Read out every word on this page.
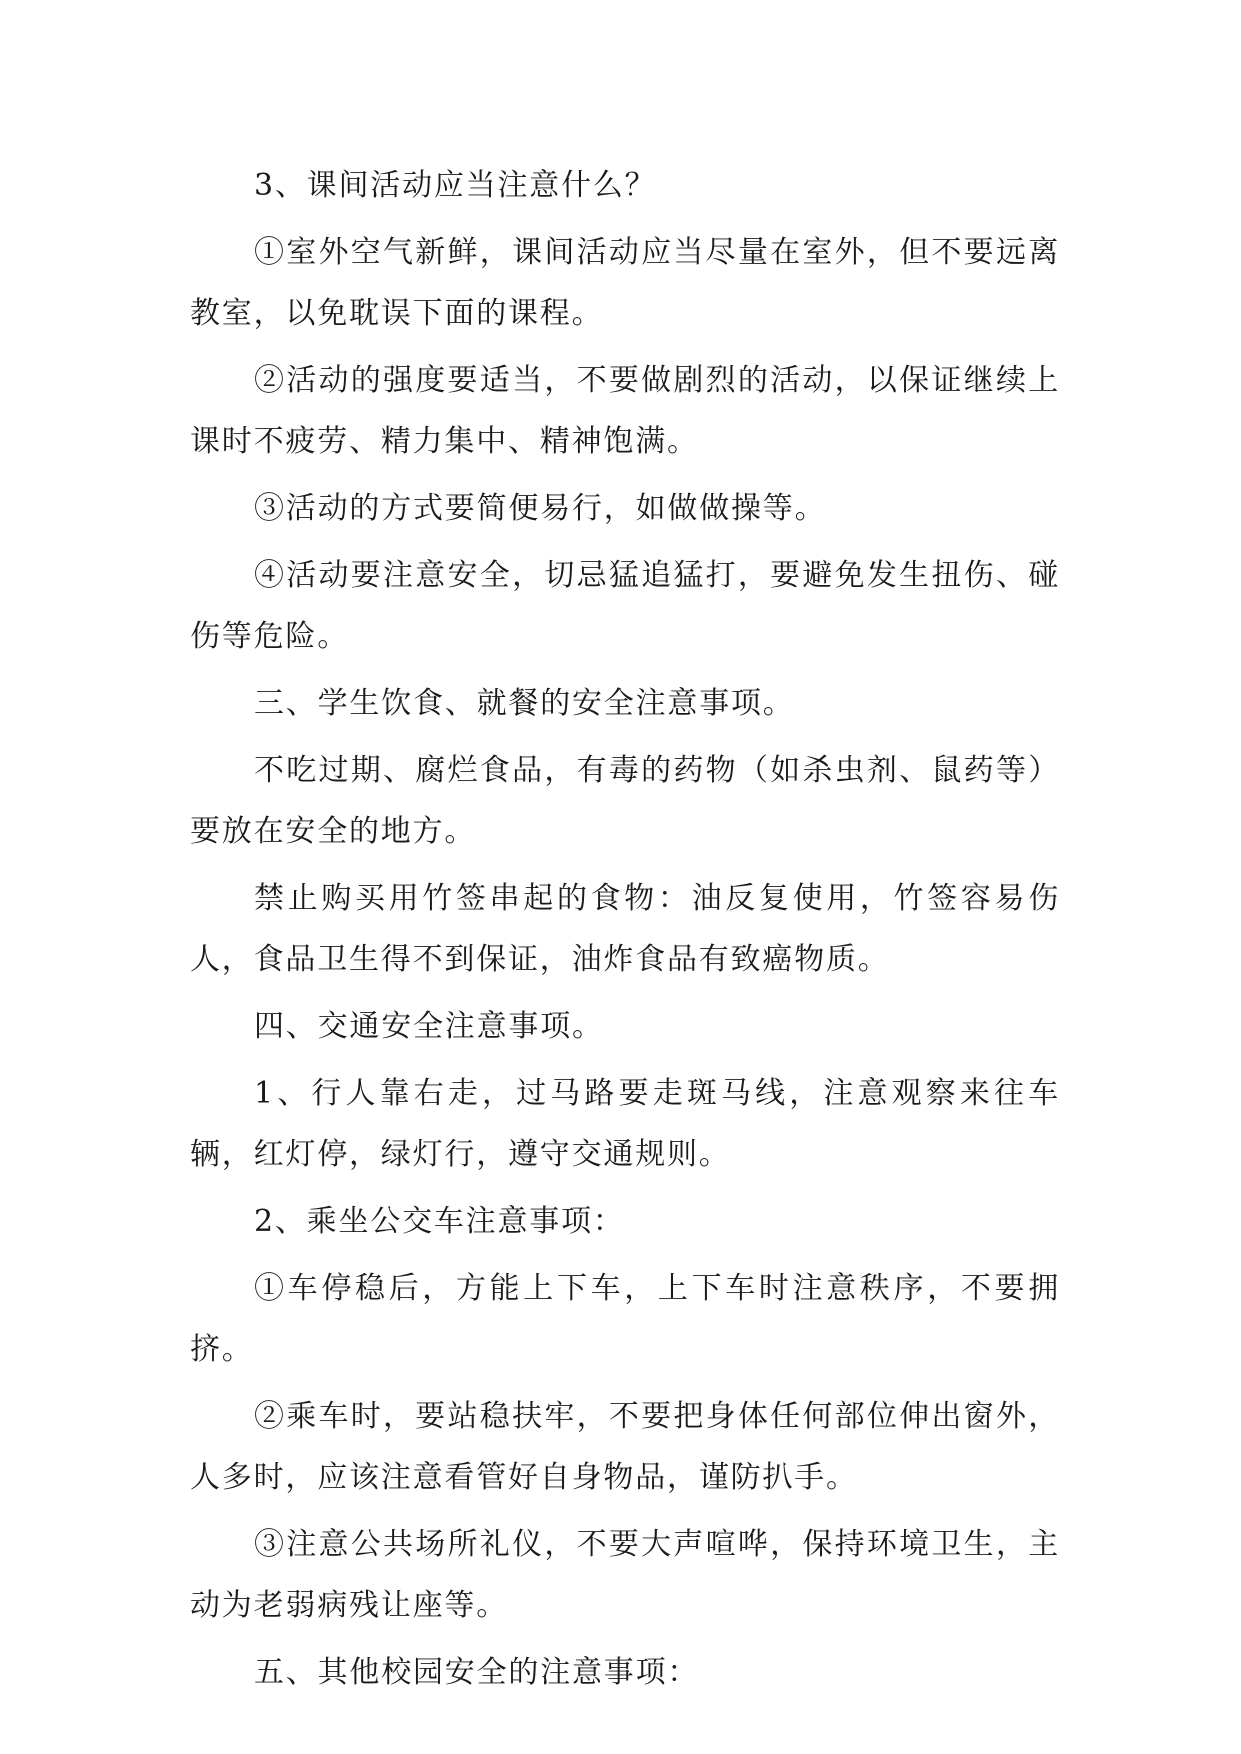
3、课间活动应当注意什么？

①室外空气新鲜，课间活动应当尽量在室外，但不要远离教室，以免耽误下面的课程。

②活动的强度要适当，不要做剧烈的活动，以保证继续上课时不疲劳、精力集中、精神饱满。

③活动的方式要简便易行，如做做操等。

④活动要注意安全，切忌猛追猛打，要避免发生扭伤、碰伤等危险。

三、学生饮食、就餐的安全注意事项。

不吃过期、腐烂食品，有毒的药物（如杀虫剂、鼠药等）要放在安全的地方。

禁止购买用竹签串起的食物：油反复使用，竹签容易伤人，食品卫生得不到保证，油炸食品有致癌物质。

四、交通安全注意事项。

1、行人靠右走，过马路要走斑马线，注意观察来往车辆，红灯停，绿灯行，遵守交通规则。

2、乘坐公交车注意事项：

①车停稳后，方能上下车，上下车时注意秩序，不要拥挤。

②乘车时，要站稳扶牢，不要把身体任何部位伸出窗外，人多时，应该注意看管好自身物品，谨防扒手。

③注意公共场所礼仪，不要大声喧哗，保持环境卫生，主动为老弱病残让座等。

五、其他校园安全的注意事项：
